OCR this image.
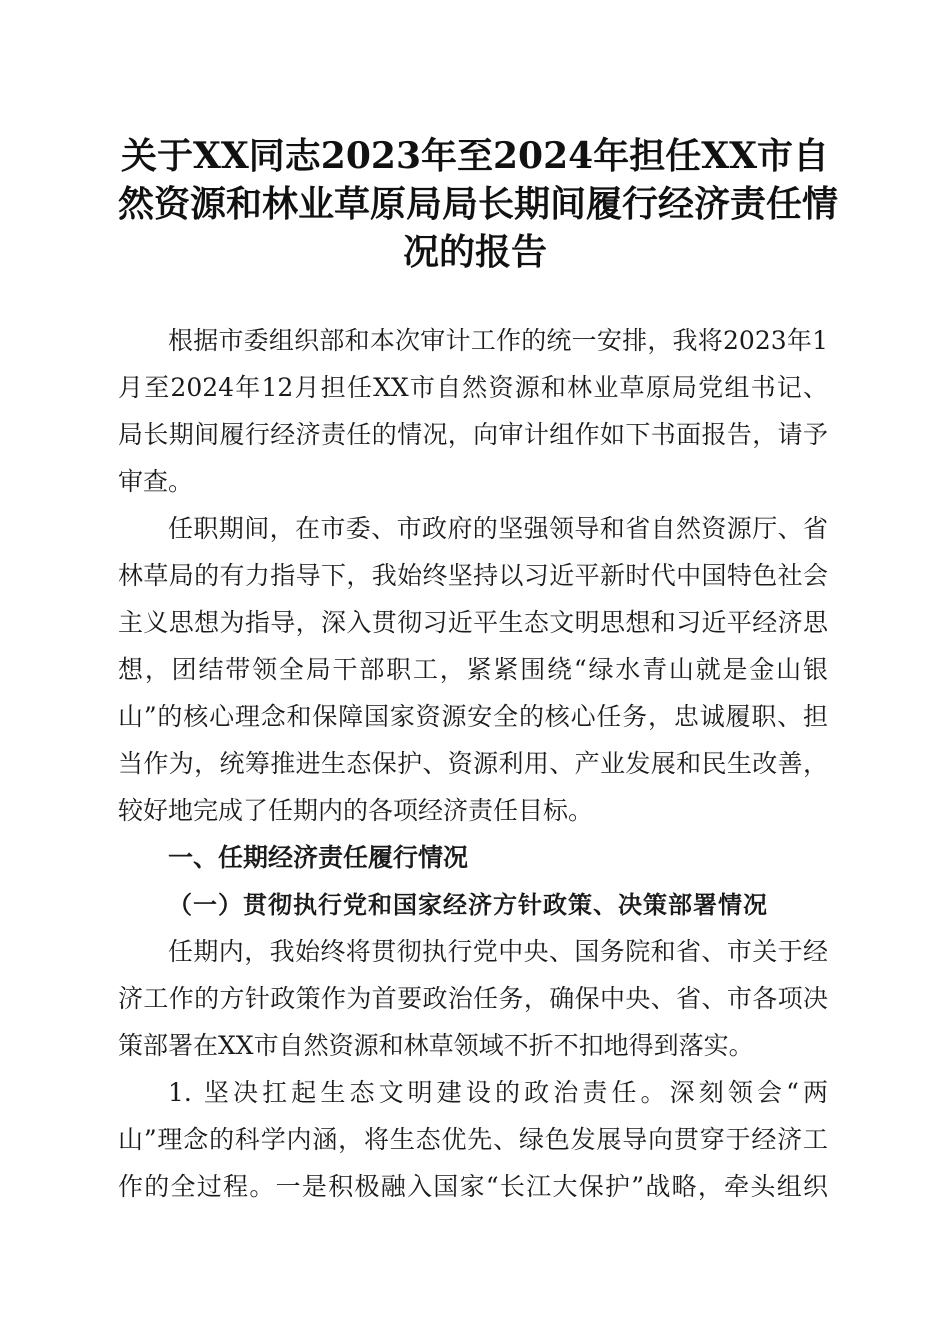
关于XX同志2023年至2024年担任XX市自
然资源和林业草原局局长期间履行经济责任情
况的报告
根据市委组织部和本次审计工作的统一安排，我将2023年1
月至2024年12月担任XX市自然资源和林业草原局党组书记、
局长期间履行经济责任的情况，向审计组作如下书面报告，请予
审查。
任职期间，在市委、市政府的坚强领导和省自然资源厅、省
林草局的有力指导下，我始终坚持以习近平新时代中国特色社会
主义思想为指导，深入贯彻习近平生态文明思想和习近平经济思
想，团结带领全局干部职工，紧紧围绕“绿水青山就是金山银
山”的核心理念和保障国家资源安全的核心任务，忠诚履职、担
当作为，统筹推进生态保护、资源利用、产业发展和民生改善，
较好地完成了任期内的各项经济责任目标。
一、任期经济责任履行情况
（一）贯彻执行党和国家经济方针政策、决策部署情况
任期内，我始终将贯彻执行党中央、国务院和省、市关于经
济工作的方针政策作为首要政治任务，确保中央、省、市各项决
策部署在XX市自然资源和林草领域不折不扣地得到落实。
1. 坚决扛起生态文明建设的政治责任。深刻领会“两
山”理念的科学内涵，将生态优先、绿色发展导向贯穿于经济工
作的全过程。一是积极融入国家“长江大保护”战略，牵头组织
